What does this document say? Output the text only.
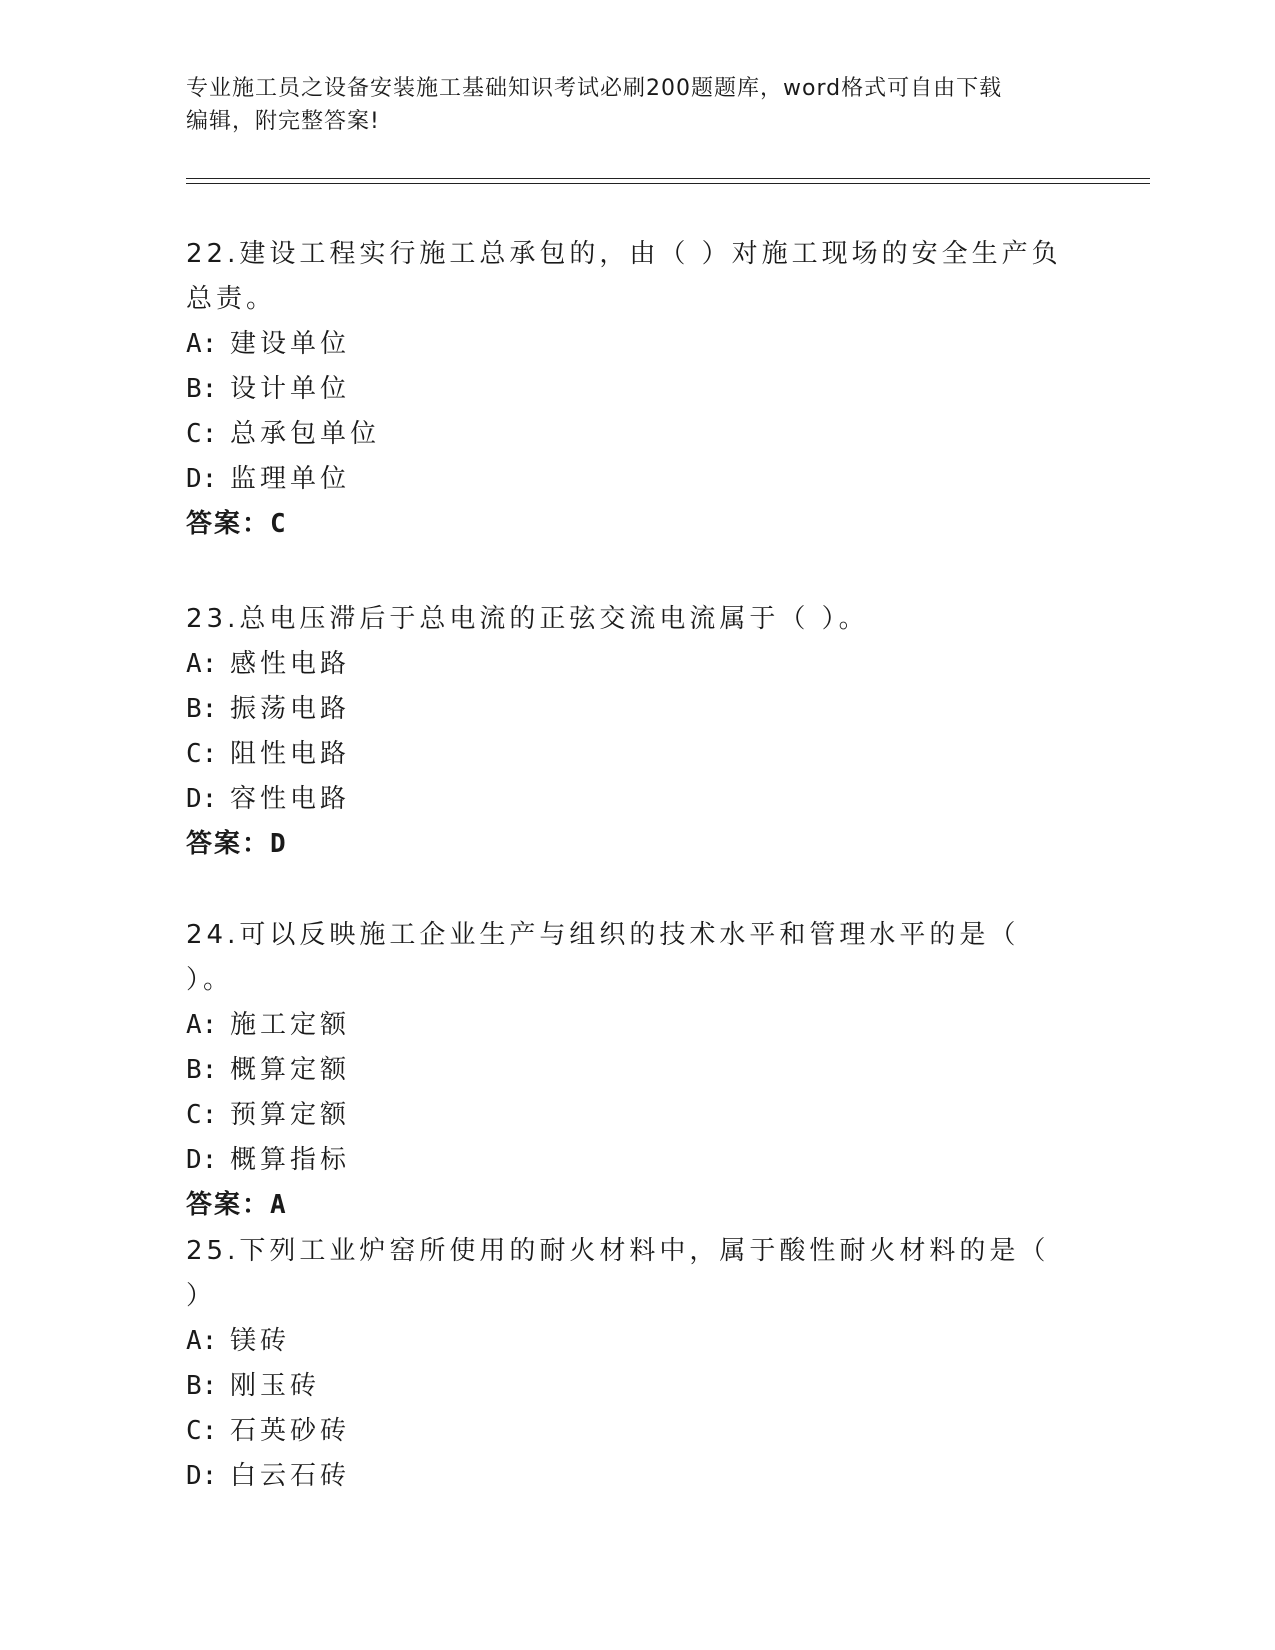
专业施工员之设备安装施工基础知识考试必刷200题题库，word格式可自由下载
编辑，附完整答案!

22.建设工程实行施工总承包的，由（ ）对施工现场的安全生产负总责。

A: 建设单位

B: 设计单位

C: 总承包单位

D: 监理单位

答案：C

23.总电压滞后于总电流的正弦交流电流属于（ ）。

A: 感性电路

B: 振荡电路

C: 阻性电路

D: 容性电路

答案：D

24.可以反映施工企业生产与组织的技术水平和管理水平的是（ ）。

A: 施工定额

B: 概算定额

C: 预算定额

D: 概算指标

答案：A

25.下列工业炉窑所使用的耐火材料中，属于酸性耐火材料的是（ ）

A: 镁砖

B: 刚玉砖

C: 石英砂砖

D: 白云石砖
